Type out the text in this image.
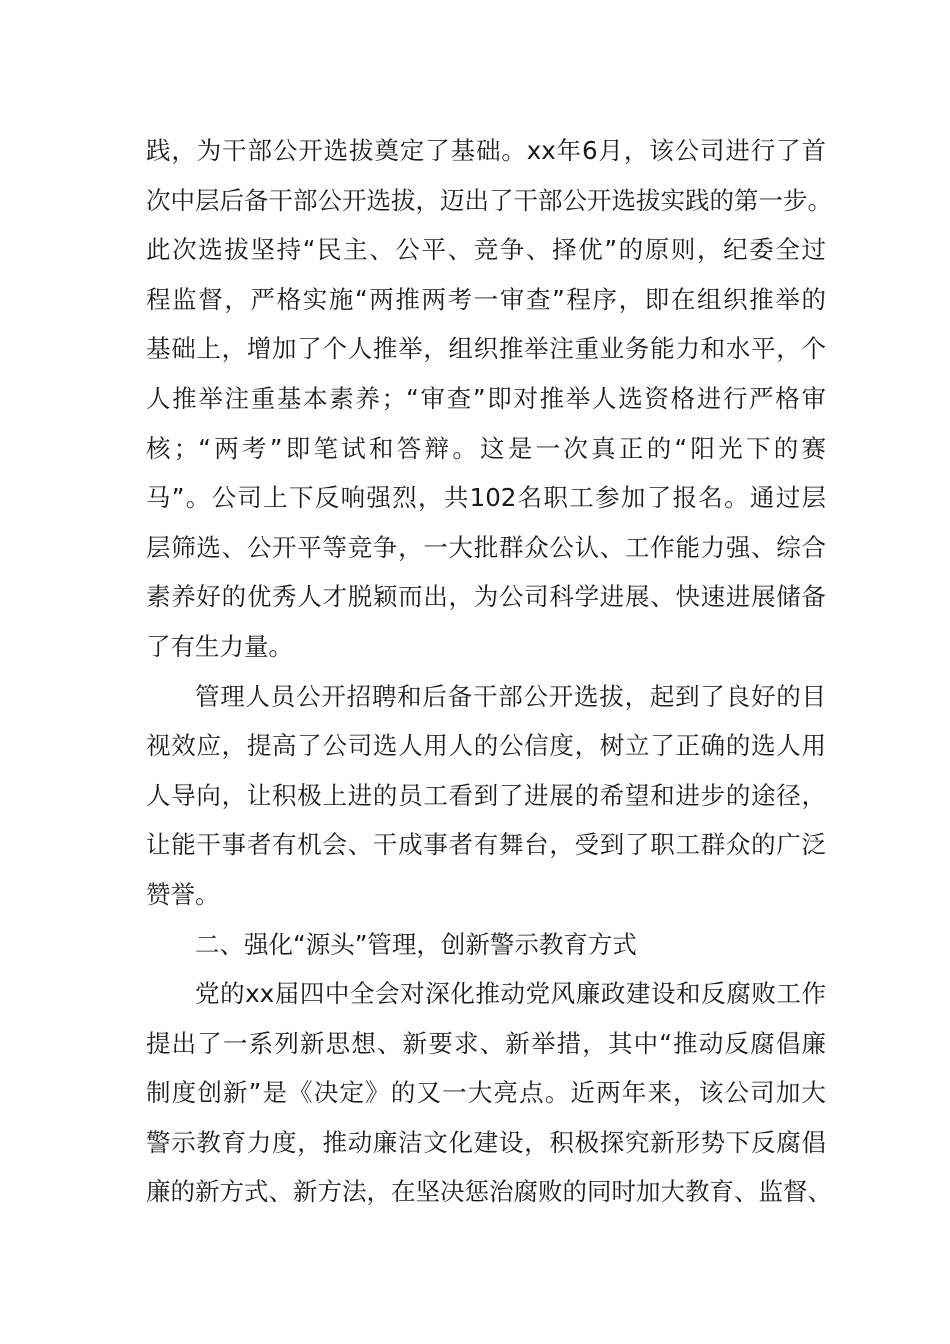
践，为干部公开选拔奠定了基础。xx年6月，该公司进行了首
次中层后备干部公开选拔，迈出了干部公开选拔实践的第一步。
此次选拔坚持“民主、公平、竞争、择优”的原则，纪委全过
程监督，严格实施“两推两考一审查”程序，即在组织推举的
基础上，增加了个人推举，组织推举注重业务能力和水平，个
人推举注重基本素养；“审查”即对推举人选资格进行严格审
核；“两考”即笔试和答辩。这是一次真正的“阳光下的赛
马”。公司上下反响强烈，共102名职工参加了报名。通过层
层筛选、公开平等竞争，一大批群众公认、工作能力强、综合
素养好的优秀人才脱颖而出，为公司科学进展、快速进展储备
了有生力量。
管理人员公开招聘和后备干部公开选拔，起到了良好的目
视效应，提高了公司选人用人的公信度，树立了正确的选人用
人导向，让积极上进的员工看到了进展的希望和进步的途径，
让能干事者有机会、干成事者有舞台，受到了职工群众的广泛
赞誉。
二、强化“源头”管理，创新警示教育方式
党的xx届四中全会对深化推动党风廉政建设和反腐败工作
提出了一系列新思想、新要求、新举措，其中“推动反腐倡廉
制度创新”是《决定》的又一大亮点。近两年来，该公司加大
警示教育力度，推动廉洁文化建设，积极探究新形势下反腐倡
廉的新方式、新方法，在坚决惩治腐败的同时加大教育、监督、
